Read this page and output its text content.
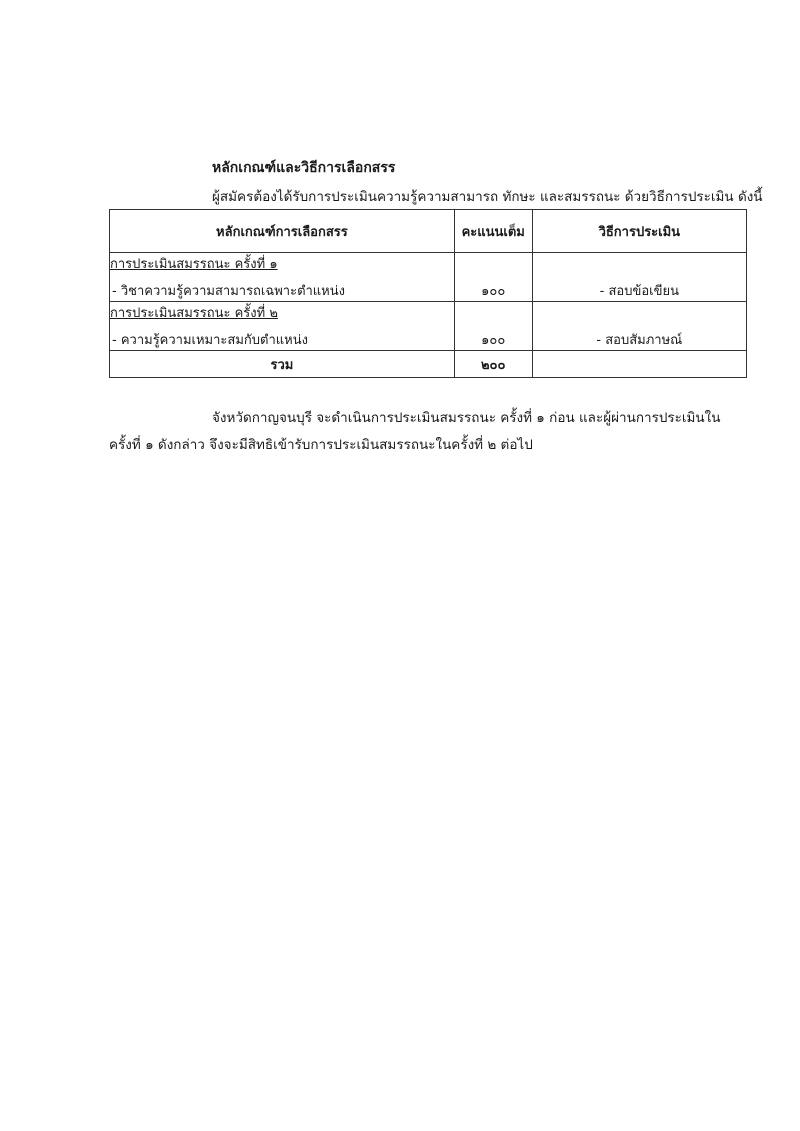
หลักเกณฑ์และวิธีการเลือกสรร
ผู้สมัครต้องได้รับการประเมินความรู้ความสามารถ ทักษะ และสมรรถนะ ด้วยวิธีการประเมิน ดังนี้
หลักเกณฑ์การเลือกสรร	คะแนนเต็ม	วิธีการประเมิน

การประเมินสมรรถนะ ครั้งที่ ๑
- วิชาความรู้ความสามารถเฉพาะตำแหน่ง	๑๐๐	- สอบข้อเขียน

การประเมินสมรรถนะ ครั้งที่ ๒
- ความรู้ความเหมาะสมกับตำแหน่ง	๑๐๐	- สอบสัมภาษณ์
รวม	๒๐๐	
จังหวัดกาญจนบุรี จะดำเนินการประเมินสมรรถนะ ครั้งที่ ๑ ก่อน และผู้ผ่านการประเมินใน
ครั้งที่ ๑ ดังกล่าว จึงจะมีสิทธิเข้ารับการประเมินสมรรถนะในครั้งที่ ๒ ต่อไป
